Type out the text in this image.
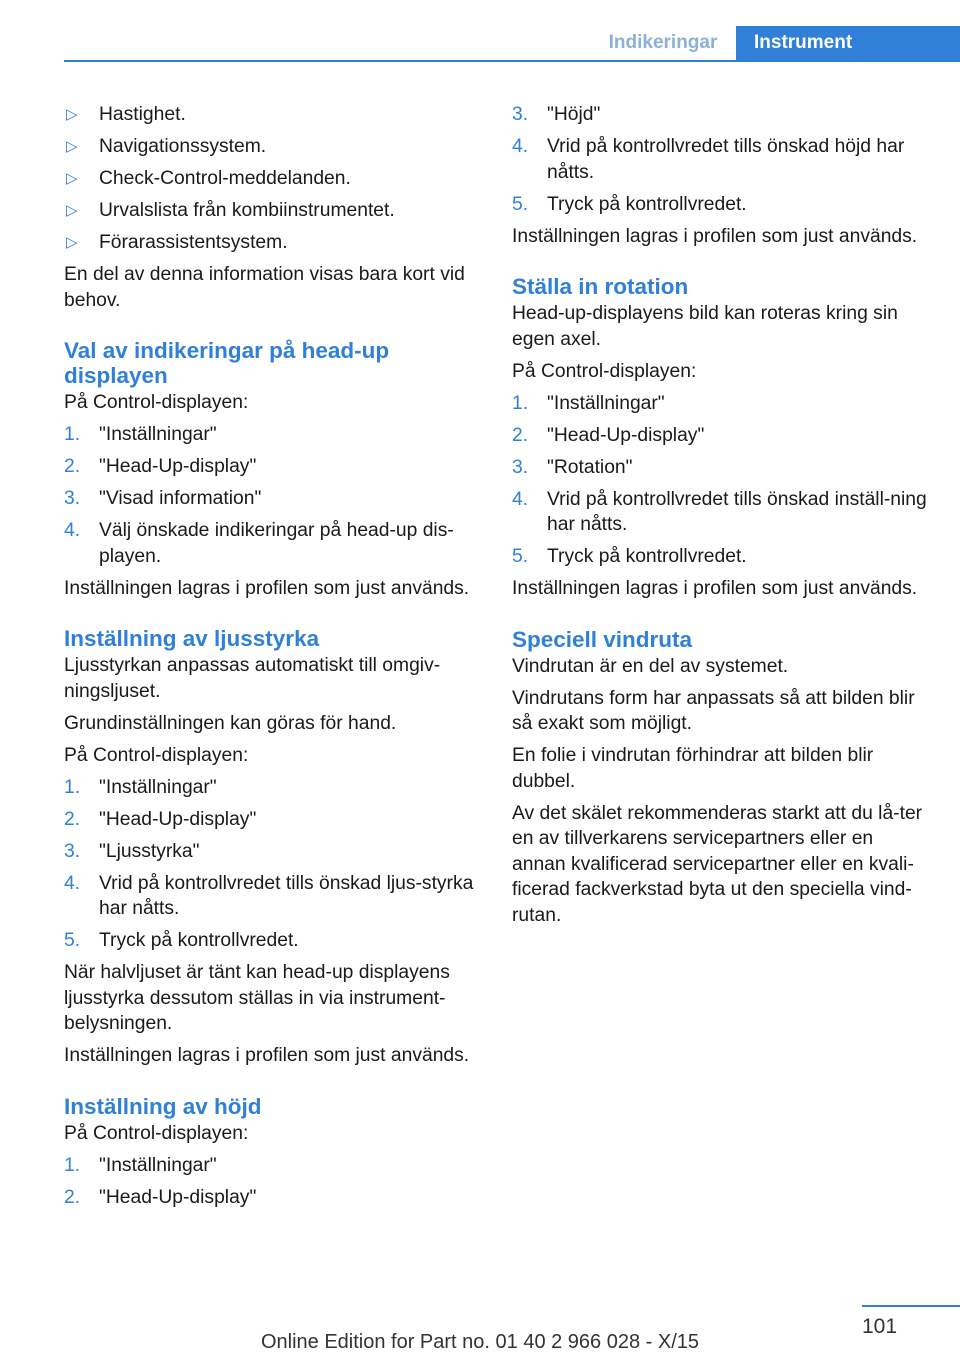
Indikeringar	Instrument
▷ Hastighet.
▷ Navigationssystem.
▷ Check-Control-meddelanden.
▷ Urvalslista från kombiinstrumentet.
▷ Förarassistentsystem.

En del av denna information visas bara kort vid behov.

Val av indikeringar på head-up displayen

På Control-displayen:

1. "Inställningar"
2. "Head-Up-display"
3. "Visad information"
4. Välj önskade indikeringar på head-up dis-playen.

Inställningen lagras i profilen som just används.

Inställning av ljusstyrka

Ljusstyrkan anpassas automatiskt till omgiv-ningsljuset.

Grundinställningen kan göras för hand.

På Control-displayen:

1. "Inställningar"
2. "Head-Up-display"
3. "Ljusstyrka"
4. Vrid på kontrollvredet tills önskad ljus-styrka har nåtts.
5. Tryck på kontrollvredet.

När halvljuset är tänt kan head-up displayens ljusstyrka dessutom ställas in via instrument-belysningen.

Inställningen lagras i profilen som just används.

Inställning av höjd

På Control-displayen:

1. "Inställningar"
2. "Head-Up-display"
3. "Höjd"
4. Vrid på kontrollvredet tills önskad höjd har nåtts.
5. Tryck på kontrollvredet.

Inställningen lagras i profilen som just används.

Ställa in rotation

Head-up-displayens bild kan roteras kring sin egen axel.

På Control-displayen:

1. "Inställningar"
2. "Head-Up-display"
3. "Rotation"
4. Vrid på kontrollvredet tills önskad inställ-ning har nåtts.
5. Tryck på kontrollvredet.

Inställningen lagras i profilen som just används.

Speciell vindruta

Vindrutan är en del av systemet.

Vindrutans form har anpassats så att bilden blir så exakt som möjligt.

En folie i vindrutan förhindrar att bilden blir dubbel.

Av det skälet rekommenderas starkt att du lå-ter en av tillverkarens servicepartners eller en annan kvalificerad servicepartner eller en kvali-ficerad fackverkstad byta ut den speciella vind-rutan.

101
Online Edition for Part no. 01 40 2 966 028 - X/15
